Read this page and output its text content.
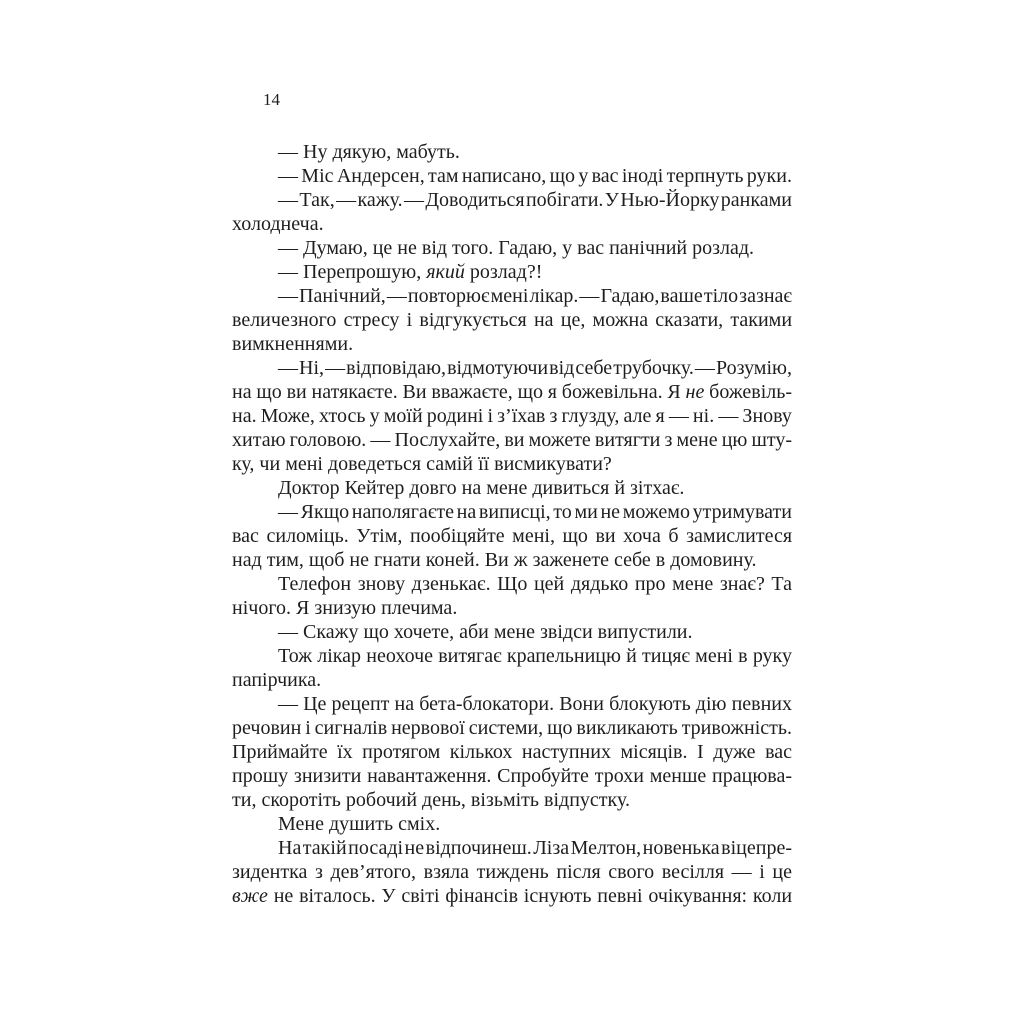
14
— Ну дякую, мабуть.
— Міс Андерсен, там написано, що у вас іноді терпнуть руки.
— Так, — кажу. — Доводиться побігати. У Нью-Йорку ранками
холоднеча.
— Думаю, це не від того. Гадаю, у вас панічний розлад.
— Перепрошую, який розлад?!
— Панічний, — повторює мені лікар. — Гадаю, ваше тіло зазнає
величезного стресу і відгукується на це, можна сказати, такими
вимкненнями.
— Ні, — відповідаю, відмотуючи від себе трубочку. — Розумію,
на що ви натякаєте. Ви вважаєте, що я божевільна. Я не божевіль-
на. Може, хтось у моїй родині і з’їхав з глузду, але я — ні. — Знову
хитаю головою. — Послухайте, ви можете витягти з мене цю шту-
ку, чи мені доведеться самій її висмикувати?
Доктор Кейтер довго на мене дивиться й зітхає.
— Якщо наполягаєте на виписці, то ми не можемо утримувати
вас силоміць. Утім, пообіцяйте мені, що ви хоча б замислитеся
над тим, щоб не гнати коней. Ви ж заженете себе в домовину.
Телефон знову дзенькає. Що цей дядько про мене знає? Та
нічого. Я знизую плечима.
— Скажу що хочете, аби мене звідси випустили.
Тож лікар неохоче витягає крапельницю й тицяє мені в руку
папірчика.
— Це рецепт на бета-блокатори. Вони блокують дію певних
речовин і сигналів нервової системи, що викликають тривожність.
Приймайте їх протягом кількох наступних місяців. І дуже вас
прошу знизити навантаження. Спробуйте трохи менше працюва-
ти, скоротіть робочий день, візьміть відпустку.
Мене душить сміх.
На такій посаді не відпочинеш. Ліза Мелтон, новенька віцепре-
зидентка з дев’ятого, взяла тиждень після свого весілля — і це
вже не віталось. У світі фінансів існують певні очікування: коли
